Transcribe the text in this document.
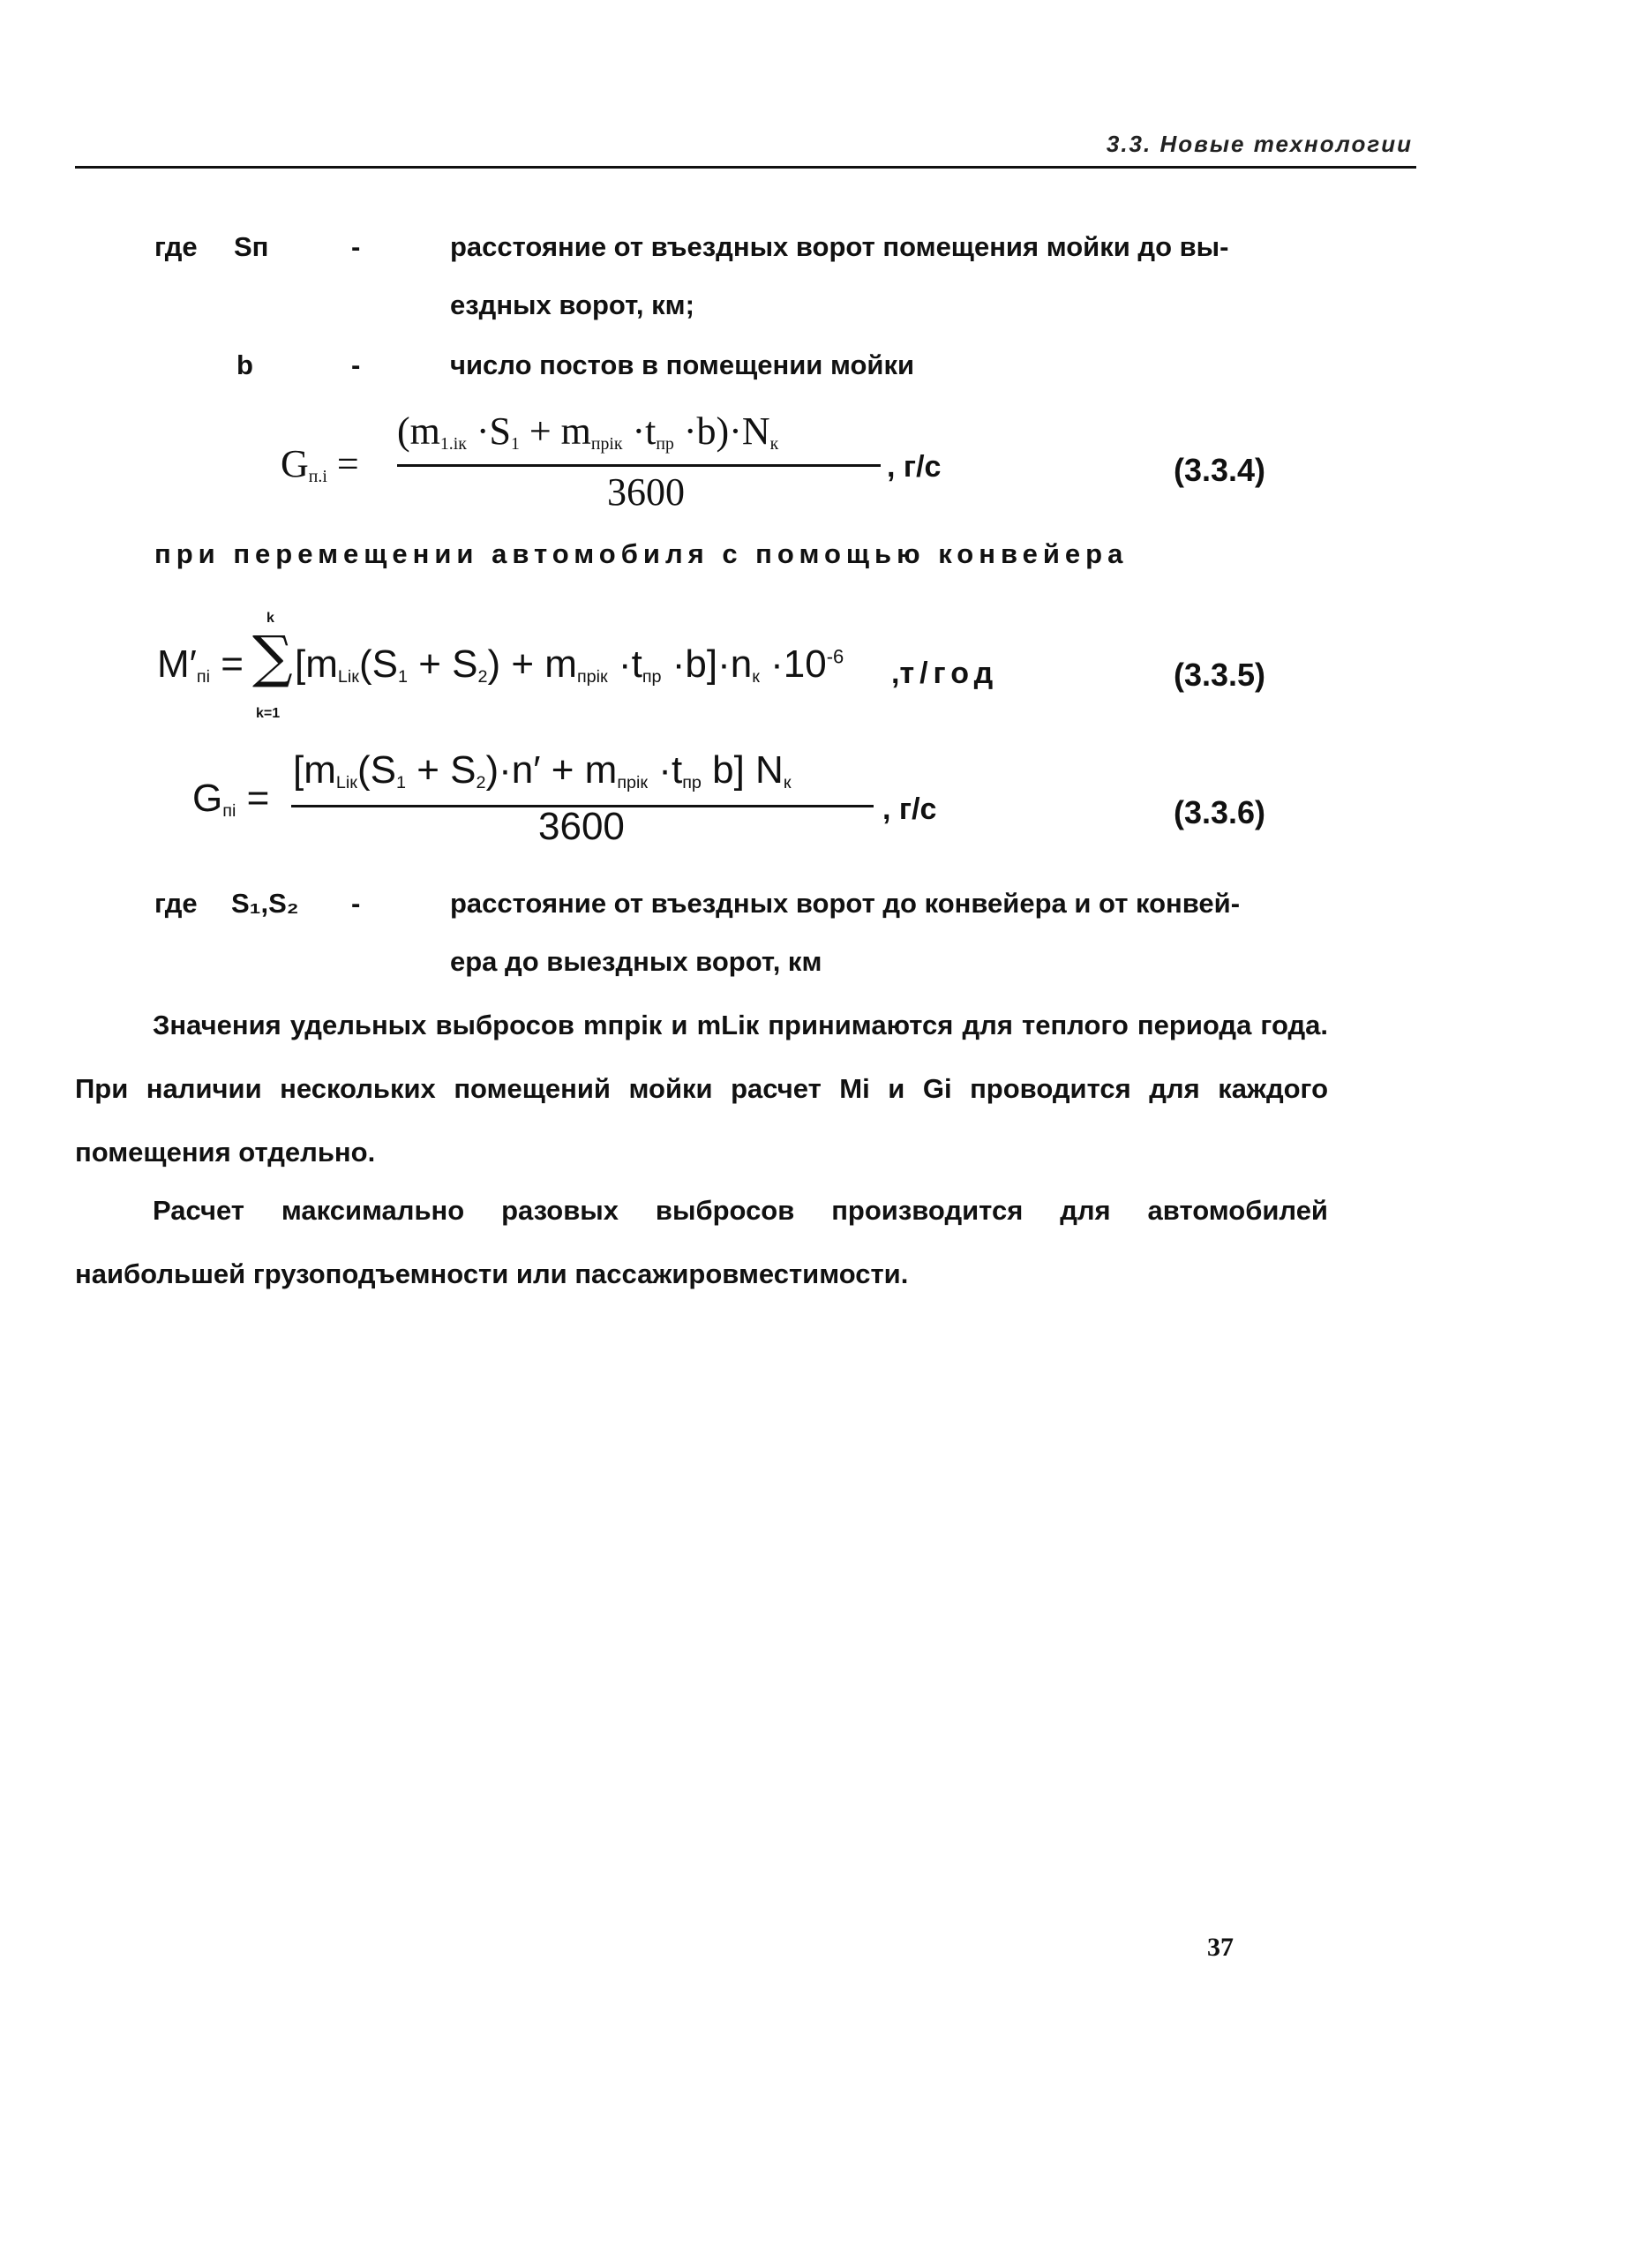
3.3. Новые технологии
где Sп	-	расстояние от въездных ворот помещения мойки до вы-
ездных ворот, км;
b	-	число постов в помещении мойки
$G_{п.і}$ =
$(m_{1.ік} \cdot S_1 + m_{прік} \cdot t_{пр} \cdot b)\cdot N_к$
3600
, г/с	(3.3.4)
при перемещении автомобиля с помощью конвейера
k
$M'_{пі}$ = ∑
k=1
$[m_{Lік}(S_1 + S_2) + m_{прік} \cdot t_{пр} \cdot b]\cdot n_к \cdot 10^{-6}$
,т/год	(3.3.5)
$G_{пі}$ =
[$m_{Lік}(S_1 + S_2)\cdot n' + m_{прік} \cdot t_{пр}$ b] $N_к$
3600	, г/с	(3.3.6)
где S₁,S₂ -	расстояние от въездных ворот до конвейера и от конвей-
ера до выездных ворот, км

Значения удельных выбросов mпрік и mLік принимаются для теплого периода года. При наличии нескольких помещений мойки расчет Mі и Gі проводится для каждого помещения отдельно.

Расчет максимально разовых выбросов производится для автомобилей наибольшей грузоподъемности или пассажировместимости.

37
